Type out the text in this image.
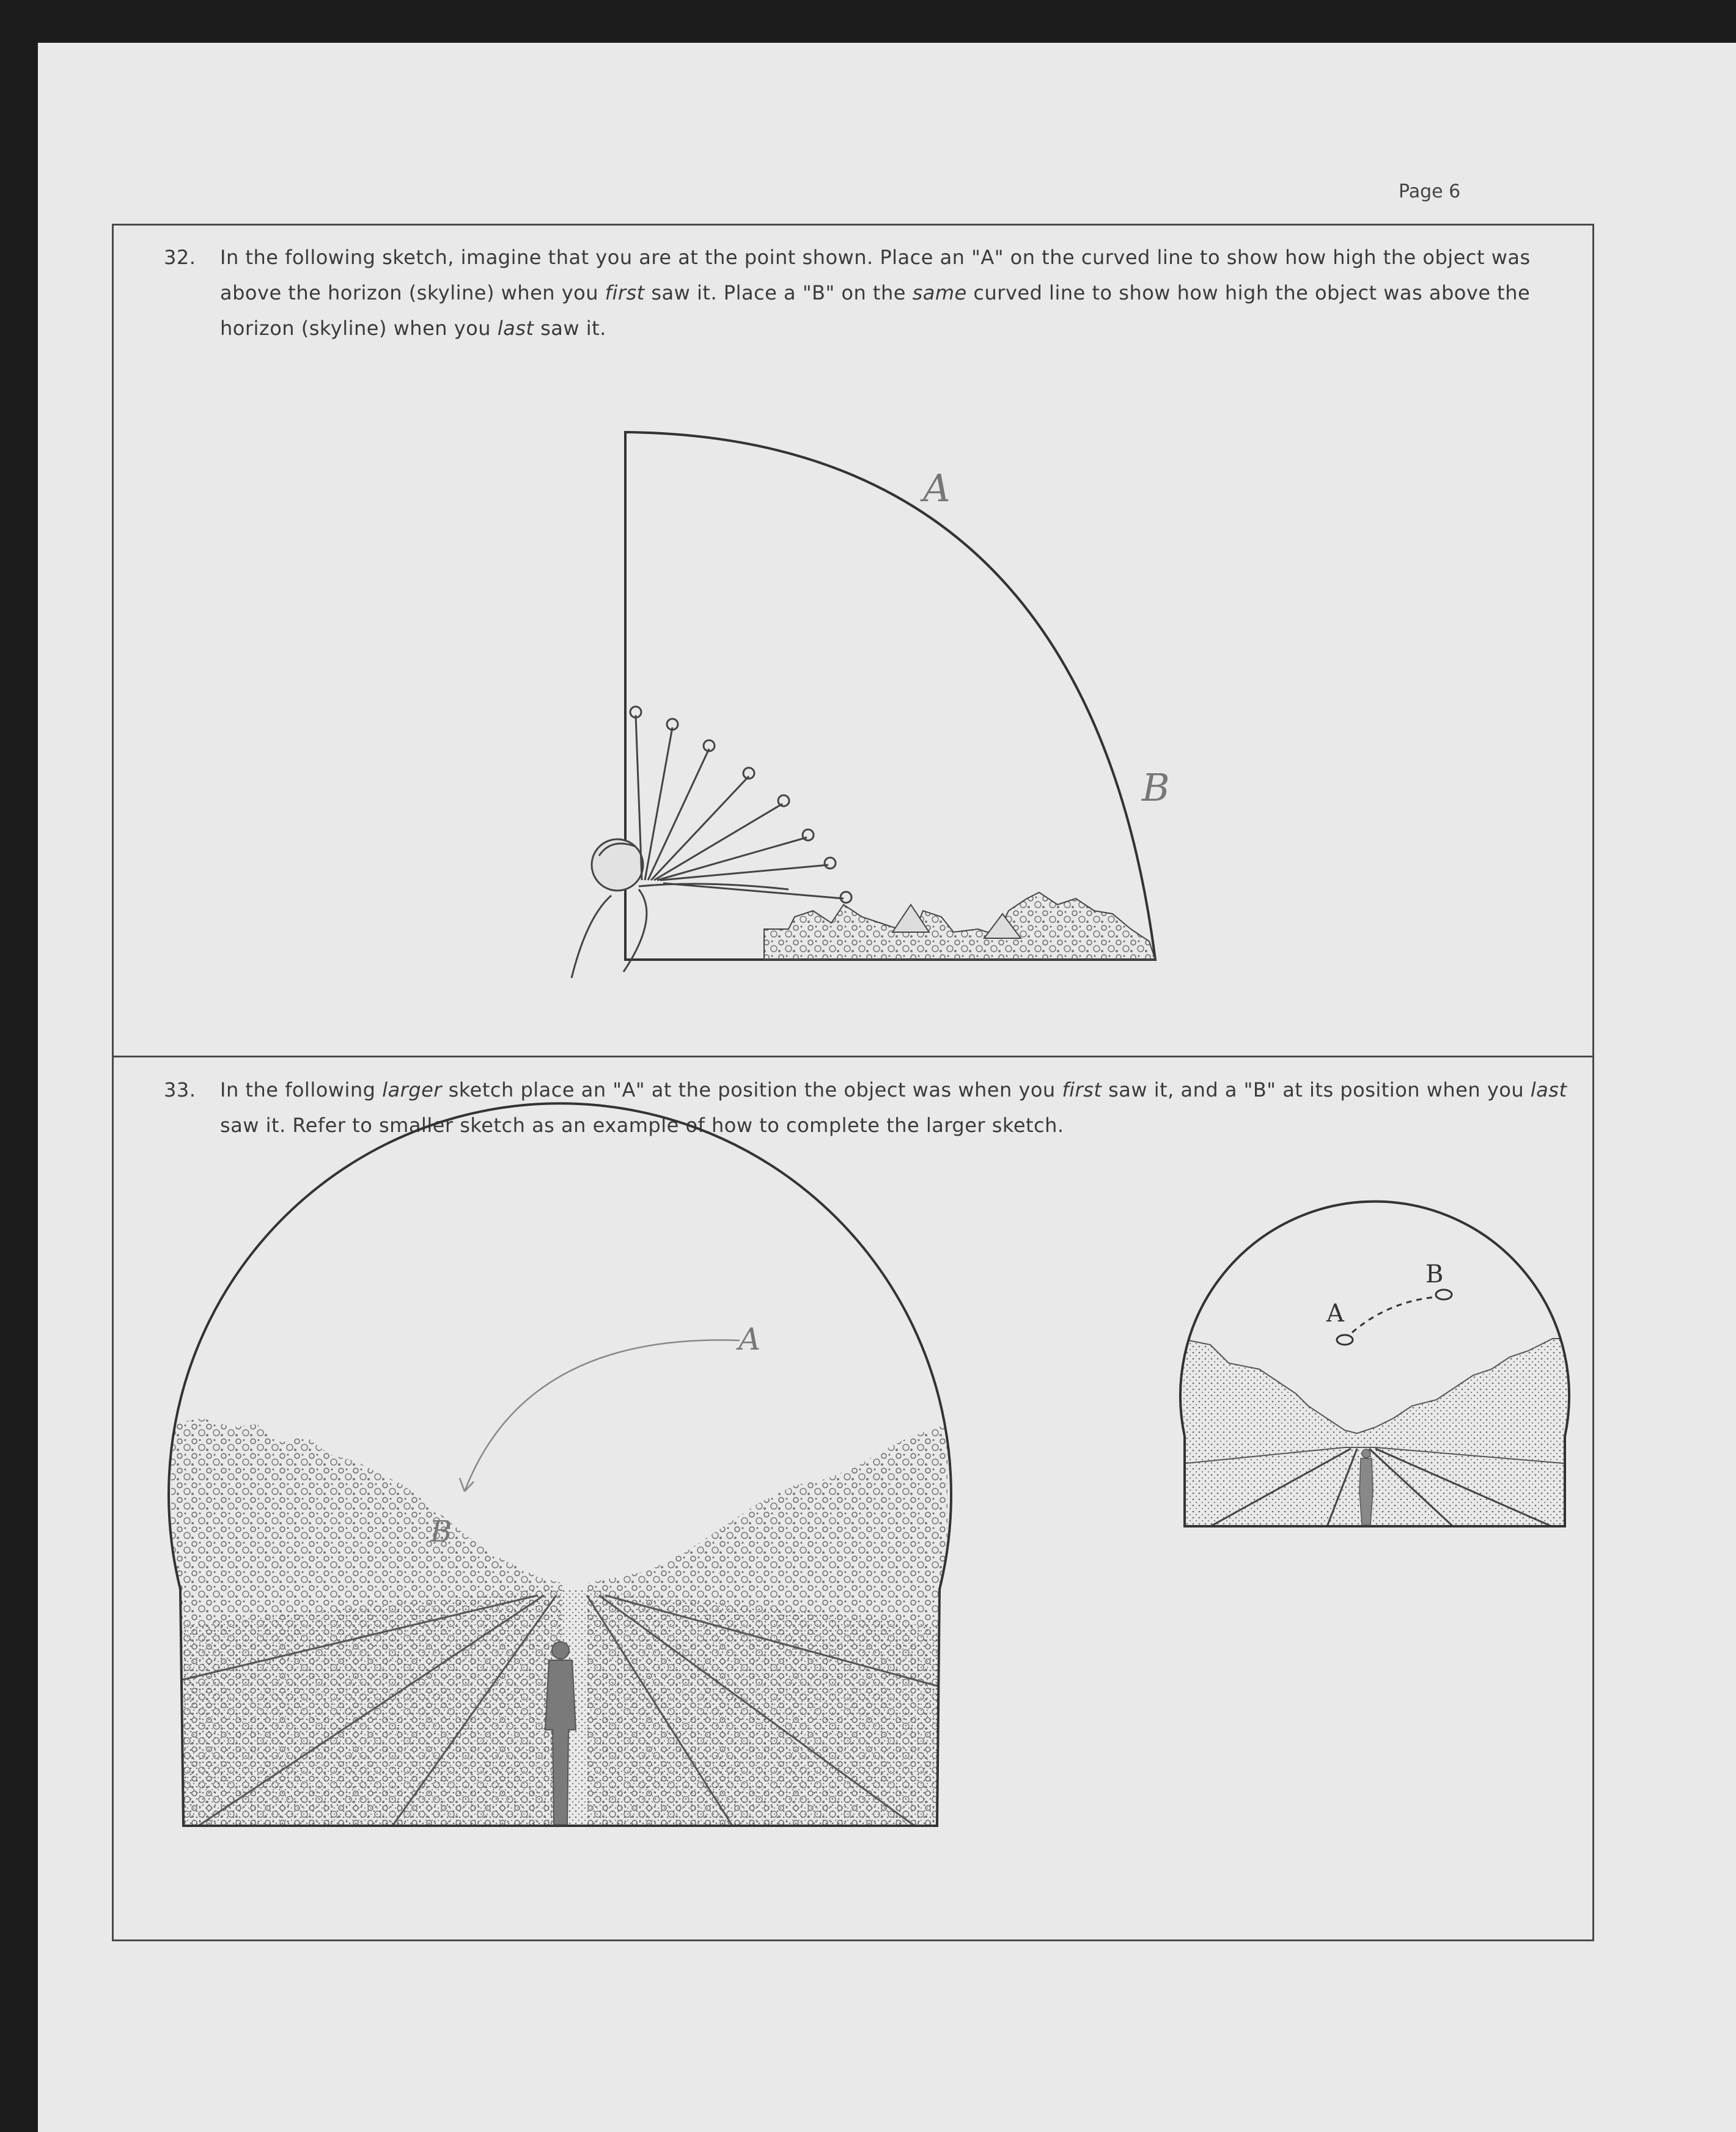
Page 6

32. In the following sketch, imagine that you are at the point shown. Place an "A" on the curved line to show how high the object was above the horizon (skyline) when you first saw it. Place a "B" on the same curved line to show how high the object was above the horizon (skyline) when you last saw it.

33. In the following larger sketch place an "A" at the position the object was when you first saw it, and a "B" at its position when you last saw it. Refer to smaller sketch as an example of how to complete the larger sketch.

A
B
A
B
A
B
